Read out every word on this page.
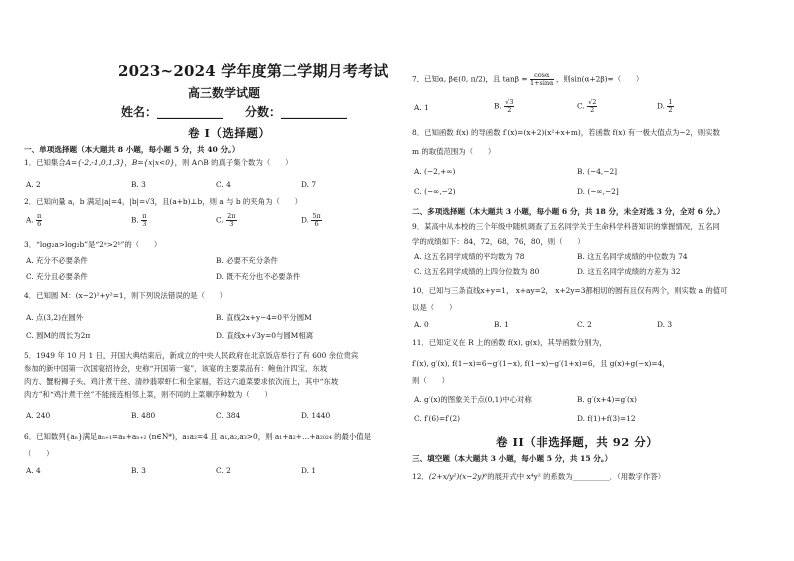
2023~2024 学年度第二学期月考考试
高三数学试题
姓名：___________ 分数：___________
卷 I（选择题）
一、单项选择题（本大题共 8 小题，每小题 5 分，共 40 分。）
1．已知集合A={-2,-1,0,1,3}，B={x|x<0}，则 A∩B 的真子集个数为（　　）
A. 2	B. 3	C. 4	D. 7
2．已知向量 a，b 满足|a|=4，|b|=√3，且(a+b)⊥b，则 a 与 b 的夹角为（　　）
A. $\frac{\pi}{6}$	B. $\frac{\pi}{3}$	C. $\frac{2\pi}{3}$	D. $\frac{5\pi}{6}$
3．“log₂a>log₂b”是“2ᵃ>2ᵇ”的（　　）
A. 充分不必要条件	B. 必要不充分条件
C. 充分且必要条件	D. 既不充分也不必要条件
4．已知圆 M：(x−2)²+y²=1，则下列说法错误的是（　　）
A. 点(3,2)在圆外	B. 直线2x+y−4=0平分圆M
C. 圆M的周长为2π	D. 直线x+√3y=0与圆M相离
5．1949 年 10 月 1 日，开国大典结束后，新成立的中央人民政府在北京饭店举行了有 600 余位贵宾
参加的新中国第一次国宴招待会，史称“开国第一宴”，该宴的主要菜品有：鲍鱼汁四宝、东坡
肉方、蟹粉狮子头、鸡汁煮干丝、清炒翡翠虾仁和全家福，若这六道菜要求依次而上，其中“东坡
肉方”和“鸡汁煮干丝”不能接连相邻上菜，则不同的上菜顺序种数为（　　）
A. 240	B. 480	C. 384	D. 1440
6．已知数列{aₙ}满足aₙ₊₁=aₙ+aₙ₊₂ (n∈N*)，a₁a₂=4 且 a₁,a₂,a₃>0，则 a₁+a₂+…+a₂₀₂₄ 的最小值是
（　　）
A. 4	B. 3	C. 2	D. 1
7．已知α, β∈(0, π/2)，且 $\tan\beta = \frac{\cos\alpha}{1+\sin\alpha}$ ，则sin(α+2β)=（　　）
A. 1	B. $\frac{√3}{2}$	C. $\frac{√2}{2}$	D. $\frac{1}{2}$
8．已知函数 f(x) 的导函数 f′(x)=(x+2)(x²+x+m)，若函数 f(x) 有一极大值点为−2，则实数
m 的取值范围为（　　）
A. (−2,+∞)	B. (−4,−2]
C. (−∞,−2)	D. (−∞,−2]
二、多项选择题（本大题共 3 小题，每小题 6 分，共 18 分，未全对选 3 分，全对 6 分。）
9．某高中从本校的三个年级中随机调查了五名同学关于生命科学科普知识的掌握情况，五名同
学的成绩如下：84，72，68，76，80，则（　　）
A. 这五名同学成绩的平均数为 78	B. 这五名同学成绩的中位数为 74
C. 这五名同学成绩的上四分位数为 80	D. 这五名同学成绩的方差为 32
10．已知与三条直线x+y=1， x+ay=2， x+2y=3都相切的圆有且仅有两个，则实数 a 的值可
以是（　　）
A. 0	B. 1	C. 2	D. 3
11．已知定义在 R 上的函数 f(x), g(x)，其导函数分别为，
f′(x), g′(x), f(1−x)=6−g′(1−x), f(1−x)−g′(1+x)=6，且 g(x)+g(−x)=4，
则（　　）
A. g′(x)的图象关于点(0,1)中心对称	B. g′(x+4)=g′(x)
C. f′(6)=f′(2)	D. f(1)+f(3)=12
卷 II（非选择题，共 92 分）
三、填空题（本大题共 3 小题，每小题 5 分，共 15 分。）
12．(2+x/y²)(x−2y)⁶的展开式中 x⁴y² 的系数为__________．（用数字作答）
